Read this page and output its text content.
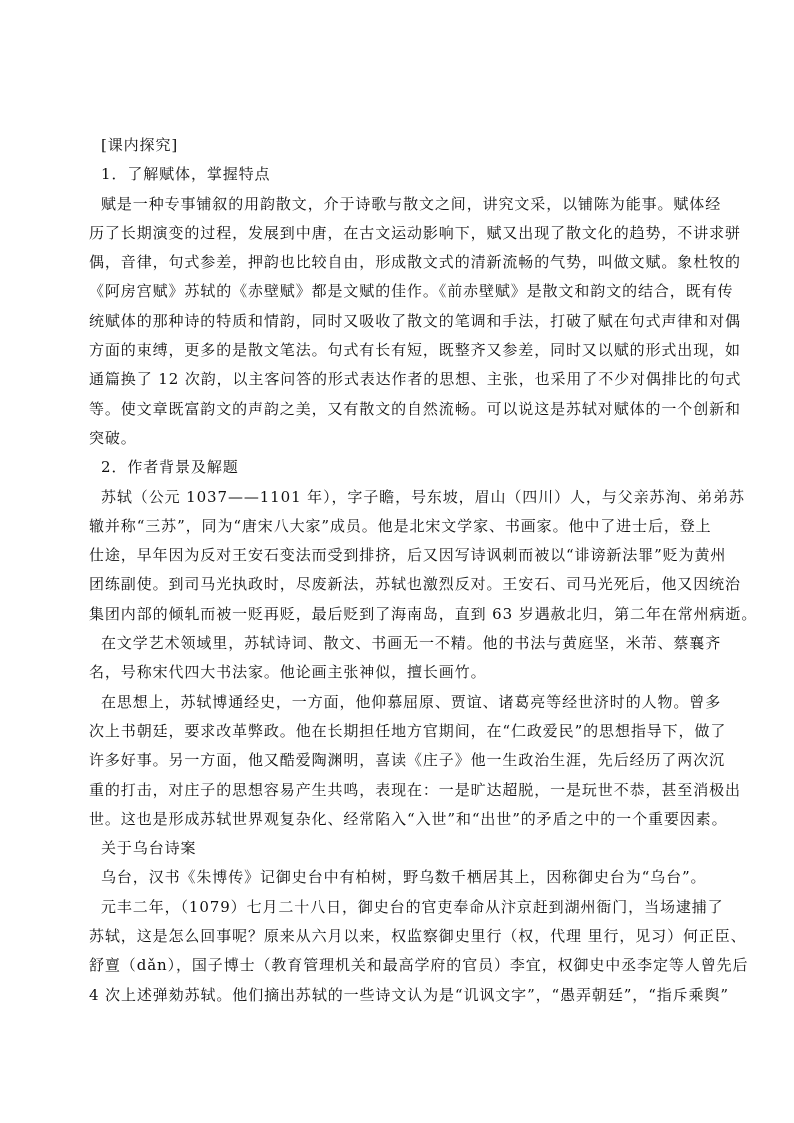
[课内探究]

1．了解赋体，掌握特点

赋是一种专事铺叙的用韵散文，介于诗歌与散文之间，讲究文采，以铺陈为能事。赋体经
历了长期演变的过程，发展到中唐，在古文运动影响下，赋又出现了散文化的趋势，不讲求骈
偶，音律，句式参差，押韵也比较自由，形成散文式的清新流畅的气势，叫做文赋。象杜牧的
《阿房宫赋》苏轼的《赤壁赋》都是文赋的佳作。《前赤壁赋》是散文和韵文的结合，既有传
统赋体的那种诗的特质和情韵，同时又吸收了散文的笔调和手法，打破了赋在句式声律和对偶
方面的束缚，更多的是散文笔法。句式有长有短，既整齐又参差，同时又以赋的形式出现，如
通篇换了 12 次韵，以主客问答的形式表达作者的思想、主张，也采用了不少对偶排比的句式
等。使文章既富韵文的声韵之美，又有散文的自然流畅。可以说这是苏轼对赋体的一个创新和
突破。

2．作者背景及解题

苏轼（公元 1037——1101 年），字子瞻，号东坡，眉山（四川）人，与父亲苏洵、弟弟苏
辙并称“三苏”，同为“唐宋八大家”成员。他是北宋文学家、书画家。他中了进士后，登上
仕途，早年因为反对王安石变法而受到排挤，后又因写诗讽刺而被以“诽谤新法罪”贬为黄州
团练副使。到司马光执政时，尽废新法，苏轼也激烈反对。王安石、司马光死后，他又因统治
集团内部的倾轧而被一贬再贬，最后贬到了海南岛，直到 63 岁遇赦北归，第二年在常州病逝。
在文学艺术领域里，苏轼诗词、散文、书画无一不精。他的书法与黄庭坚，米芾、蔡襄齐
名，号称宋代四大书法家。他论画主张神似，擅长画竹。
在思想上，苏轼博通经史，一方面，他仰慕屈原、贾谊、诸葛亮等经世济时的人物。曾多
次上书朝廷，要求改革弊政。他在长期担任地方官期间，在“仁政爱民”的思想指导下，做了
许多好事。另一方面，他又酷爱陶渊明，喜读《庄子》他一生政治生涯，先后经历了两次沉
重的打击，对庄子的思想容易产生共鸣，表现在：一是旷达超脱，一是玩世不恭，甚至消极出
世。这也是形成苏轼世界观复杂化、经常陷入“入世”和“出世”的矛盾之中的一个重要因素。

关于乌台诗案

乌台，汉书《朱博传》记御史台中有柏树，野乌数千栖居其上，因称御史台为“乌台”。
元丰二年，（1079）七月二十八日，御史台的官吏奉命从汴京赶到湖州衙门，当场逮捕了
苏轼，这是怎么回事呢？原来从六月以来，权监察御史里行（权，代理 里行，见习）何正臣、
舒亶（dǎn），国子博士（教育管理机关和最高学府的官员）李宜，权御史中丞李定等人曾先后
4 次上述弹劾苏轼。他们摘出苏轼的一些诗文认为是“讥讽文字”，“愚弄朝廷”，“指斥乘舆”
